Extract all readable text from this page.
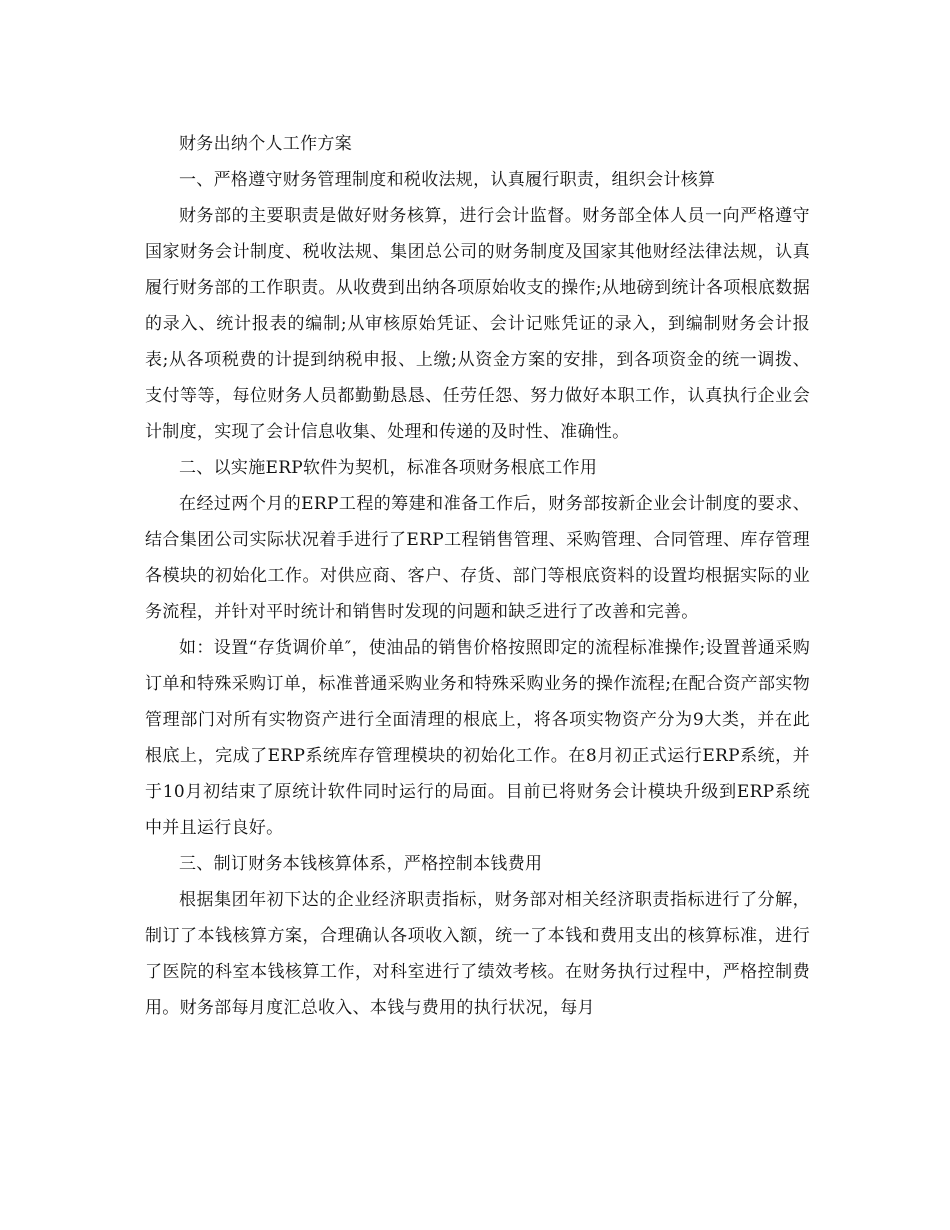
财务出纳个人工作方案

一、严格遵守财务管理制度和税收法规，认真履行职责，组织会计核算

财务部的主要职责是做好财务核算，进行会计监督。财务部全体人员一向严格遵守国家财务会计制度、税收法规、集团总公司的财务制度及国家其他财经法律法规，认真履行财务部的工作职责。从收费到出纳各项原始收支的操作;从地磅到统计各项根底数据的录入、统计报表的编制;从审核原始凭证、会计记账凭证的录入，到编制财务会计报表;从各项税费的计提到纳税申报、上缴;从资金方案的安排，到各项资金的统一调拨、支付等等，每位财务人员都勤勤恳恳、任劳任怨、努力做好本职工作，认真执行企业会计制度，实现了会计信息收集、处理和传递的及时性、准确性。

二、以实施ERP软件为契机，标准各项财务根底工作用

在经过两个月的ERP工程的筹建和准备工作后，财务部按新企业会计制度的要求、结合集团公司实际状况着手进行了ERP工程销售管理、采购管理、合同管理、库存管理各模块的初始化工作。对供应商、客户、存货、部门等根底资料的设置均根据实际的业务流程，并针对平时统计和销售时发现的问题和缺乏进行了改善和完善。

如：设置“存货调价单″，使油品的销售价格按照即定的流程标准操作;设置普通采购订单和特殊采购订单，标准普通采购业务和特殊采购业务的操作流程;在配合资产部实物管理部门对所有实物资产进行全面清理的根底上，将各项实物资产分为9大类，并在此根底上，完成了ERP系统库存管理模块的初始化工作。在8月初正式运行ERP系统，并于10月初结束了原统计软件同时运行的局面。目前已将财务会计模块升级到ERP系统中并且运行良好。

三、制订财务本钱核算体系，严格控制本钱费用

根据集团年初下达的企业经济职责指标，财务部对相关经济职责指标进行了分解，制订了本钱核算方案，合理确认各项收入额，统一了本钱和费用支出的核算标准，进行了医院的科室本钱核算工作，对科室进行了绩效考核。在财务执行过程中，严格控制费用。财务部每月度汇总收入、本钱与费用的执行状况，每月
